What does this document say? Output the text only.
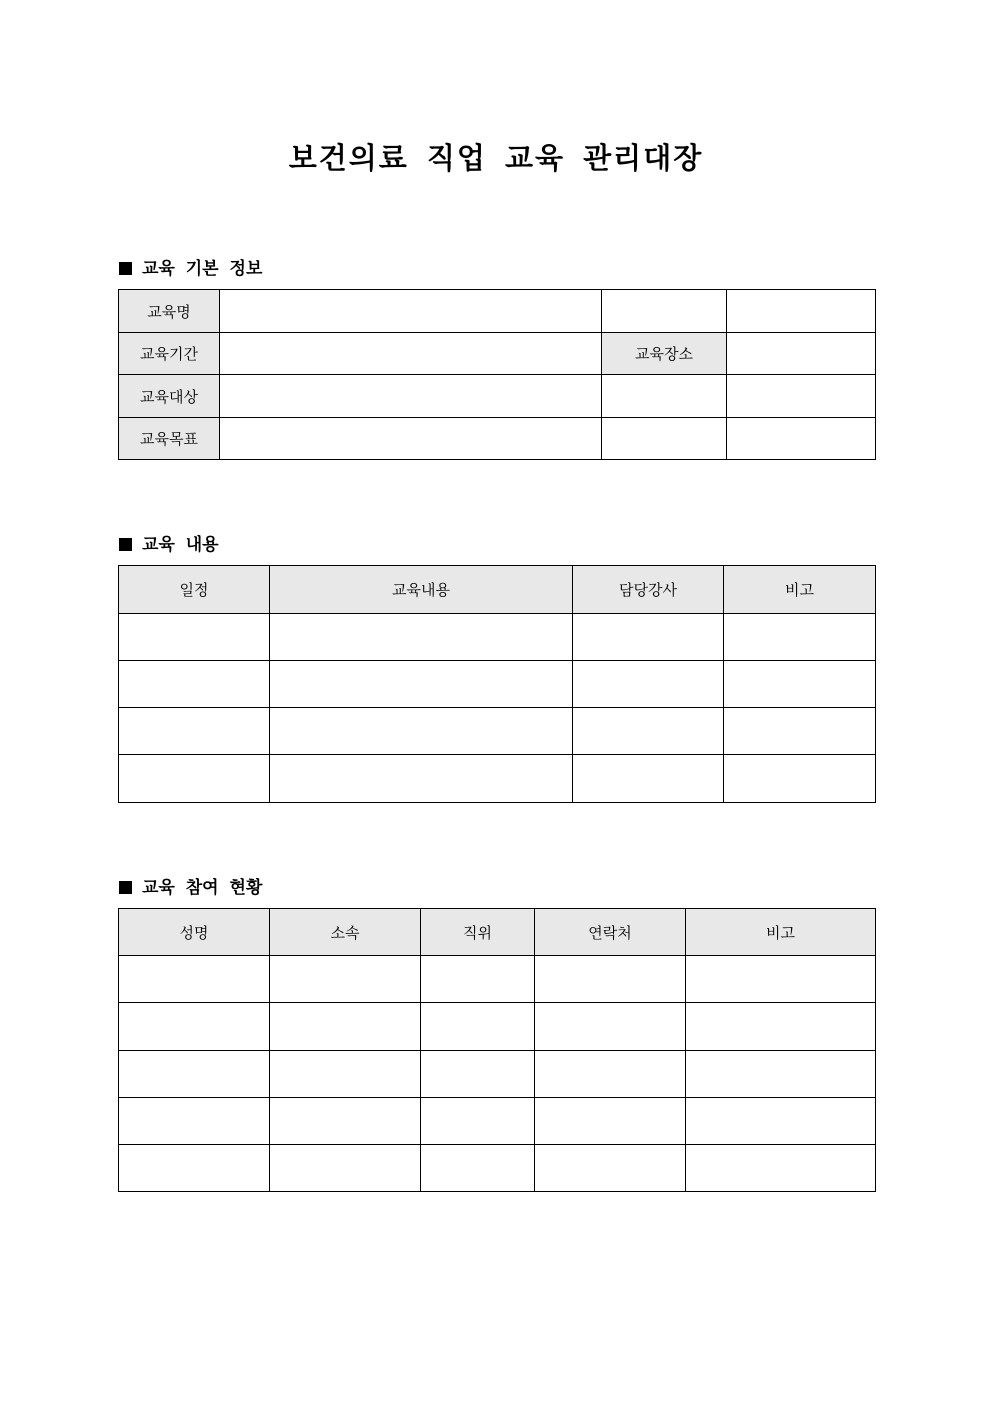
보건의료 직업 교육 관리대장
교육 기본 정보
교육명			
교육기간		교육장소	
교육대상			
교육목표			
교육 내용
일정	교육내용	담당강사	비고

교육 참여 현황
성명	소속	직위	연락처	비고
